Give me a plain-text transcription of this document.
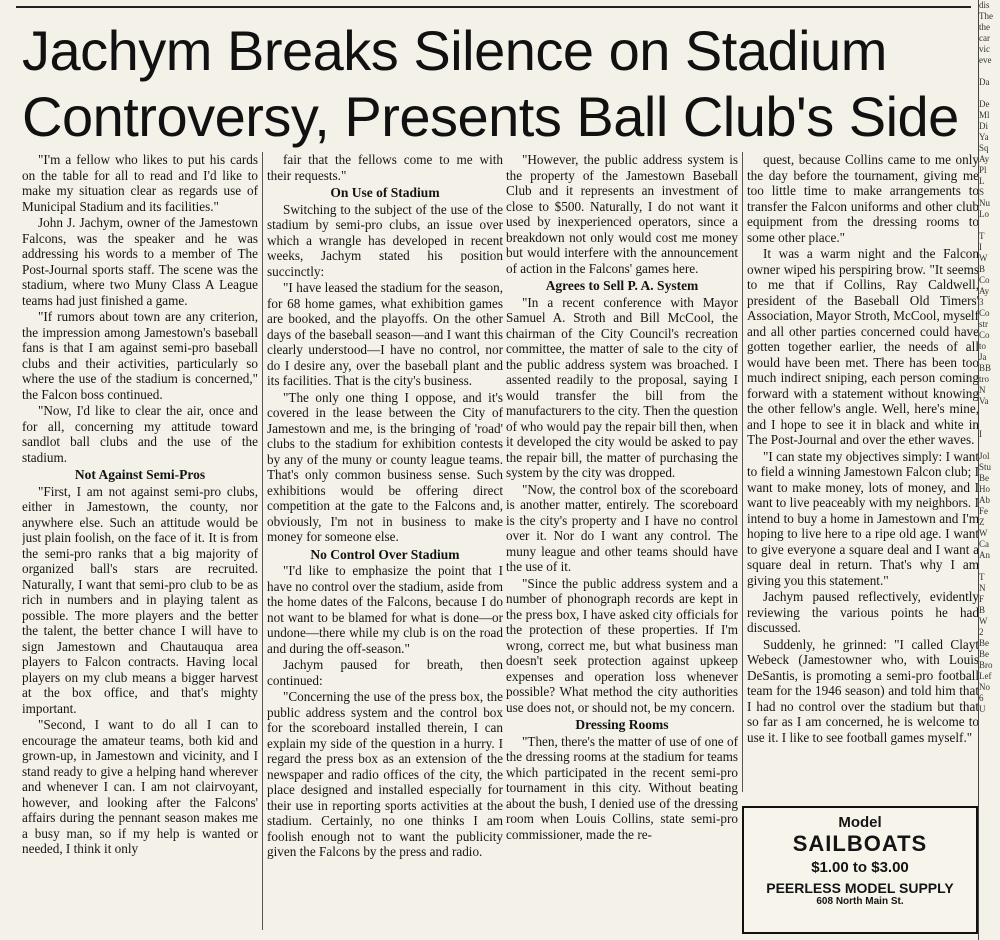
Jachym Breaks Silence on Stadium
Controversy, Presents Ball Club's Side

"I'm a fellow who likes to put his cards on the table for all to read and I'd like to make my situation clear as regards use of Municipal Stadium and its facilities."

John J. Jachym, owner of the Jamestown Falcons, was the speaker and he was addressing his words to a member of The Post-Journal sports staff. The scene was the stadium, where two Muny Class A League teams had just finished a game.

"If rumors about town are any criterion, the impression among Jamestown's baseball fans is that I am against semi-pro baseball clubs and their activities, particularly so where the use of the stadium is concerned," the Falcon boss continued.

"Now, I'd like to clear the air, once and for all, concerning my attitude toward sandlot ball clubs and the use of the stadium.

Not Against Semi-Pros

"First, I am not against semi-pro clubs, either in Jamestown, the county, nor anywhere else. Such an attitude would be just plain foolish, on the face of it. It is from the semi-pro ranks that a big majority of organized ball's stars are recruited. Naturally, I want that semi-pro club to be as rich in numbers and in playing talent as possible. The more players and the better the talent, the better chance I will have to sign Jamestown and Chautauqua area players to Falcon contracts. Having local players on my club means a bigger harvest at the box office, and that's mighty important.

"Second, I want to do all I can to encourage the amateur teams, both kid and grown-up, in Jamestown and vicinity, and I stand ready to give a helping hand wherever and whenever I can. I am not clairvoyant, however, and looking after the Falcons' affairs during the pennant season makes me a busy man, so if my help is wanted or needed, I think it only

fair that the fellows come to me with their requests."

On Use of Stadium

Switching to the subject of the use of the stadium by semi-pro clubs, an issue over which a wrangle has developed in recent weeks, Jachym stated his position succinctly:

"I have leased the stadium for the season, for 68 home games, what exhibition games are booked, and the playoffs. On the other days of the baseball season—and I want this clearly understood—I have no control, nor do I desire any, over the baseball plant and its facilities. That is the city's business.

"The only one thing I oppose, and it's covered in the lease between the City of Jamestown and me, is the bringing of 'road' clubs to the stadium for exhibition contests by any of the muny or county league teams. That's only common business sense. Such exhibitions would be offering direct competition at the gate to the Falcons and, obviously, I'm not in business to make money for someone else.

No Control Over Stadium

"I'd like to emphasize the point that I have no control over the stadium, aside from the home dates of the Falcons, because I do not want to be blamed for what is done—or undone—there while my club is on the road and during the off-season."

Jachym paused for breath, then continued:

"Concerning the use of the press box, the public address system and the control box for the scoreboard installed therein, I can explain my side of the question in a hurry. I regard the press box as an extension of the newspaper and radio offices of the city, the place designed and installed especially for their use in reporting sports activities at the stadium. Certainly, no one thinks I am foolish enough not to want the publicity given the Falcons by the press and radio.

"However, the public address system is the property of the Jamestown Baseball Club and it represents an investment of close to $500. Naturally, I do not want it used by inexperienced operators, since a breakdown not only would cost me money but would interfere with the announcement of action in the Falcons' games here.

Agrees to Sell P. A. System

"In a recent conference with Mayor Samuel A. Stroth and Bill McCool, the chairman of the City Council's recreation committee, the matter of sale to the city of the public address system was broached. I assented readily to the proposal, saying I would transfer the bill from the manufacturers to the city. Then the question of who would pay the repair bill then, when it developed the city would be asked to pay the repair bill, the matter of purchasing the system by the city was dropped.

"Now, the control box of the scoreboard is another matter, entirely. The scoreboard is the city's property and I have no control over it. Nor do I want any control. The muny league and other teams should have the use of it.

"Since the public address system and a number of phonograph records are kept in the press box, I have asked city officials for the protection of these properties. If I'm wrong, correct me, but what business man doesn't seek protection against upkeep expenses and operation loss whenever possible? What method the city authorities use does not, or should not, be my concern.

Dressing Rooms

"Then, there's the matter of use of one of the dressing rooms at the stadium for teams which participated in the recent semi-pro tournament in this city. Without beating about the bush, I denied use of the dressing room when Louis Collins, state semi-pro commissioner, made the re-

quest, because Collins came to me only the day before the tournament, giving me too little time to make arrangements to transfer the Falcon uniforms and other club equipment from the dressing rooms to some other place."

It was a warm night and the Falcon owner wiped his perspiring brow. "It seems to me that if Collins, Ray Caldwell, president of the Baseball Old Timers' Association, Mayor Stroth, McCool, myself and all other parties concerned could have gotten together earlier, the needs of all would have been met. There has been too much indirect sniping, each person coming forward with a statement without knowing the other fellow's angle. Well, here's mine, and I hope to see it in black and white in The Post-Journal and over the ether waves.

"I can state my objectives simply: I want to field a winning Jamestown Falcon club; I want to make money, lots of money, and I want to live peaceably with my neighbors. I intend to buy a home in Jamestown and I'm hoping to live here to a ripe old age. I want to give everyone a square deal and I want a square deal in return. That's why I am giving you this statement."

Jachym paused reflectively, evidently reviewing the various points he had discussed.

Suddenly, he grinned: "I called Clayt Webeck (Jamestowner who, with Louis DeSantis, is promoting a semi-pro football team for the 1946 season) and told him that I had no control over the stadium but that so far as I am concerned, he is welcome to use it. I like to see football games myself."

Model
SAILBOATS
$1.00 to $3.00
PEERLESS MODEL SUPPLY
608 North Main St.
dis
The
the
car
vic
eve

Da

De
Ml
Di
Ya
Sq
Ay
Pl
L
S
Nu
Lo

T
I
W
B
Co
Ay
3
Co
str
Co
to
Ja
BB
tro
N
Va

I

Jol
Stu
Be
Ho
Ab
Fe
Z
W
Ca
An

T
N
F
B
W
2
Be
Be
Bro
Lef
No
6
U
